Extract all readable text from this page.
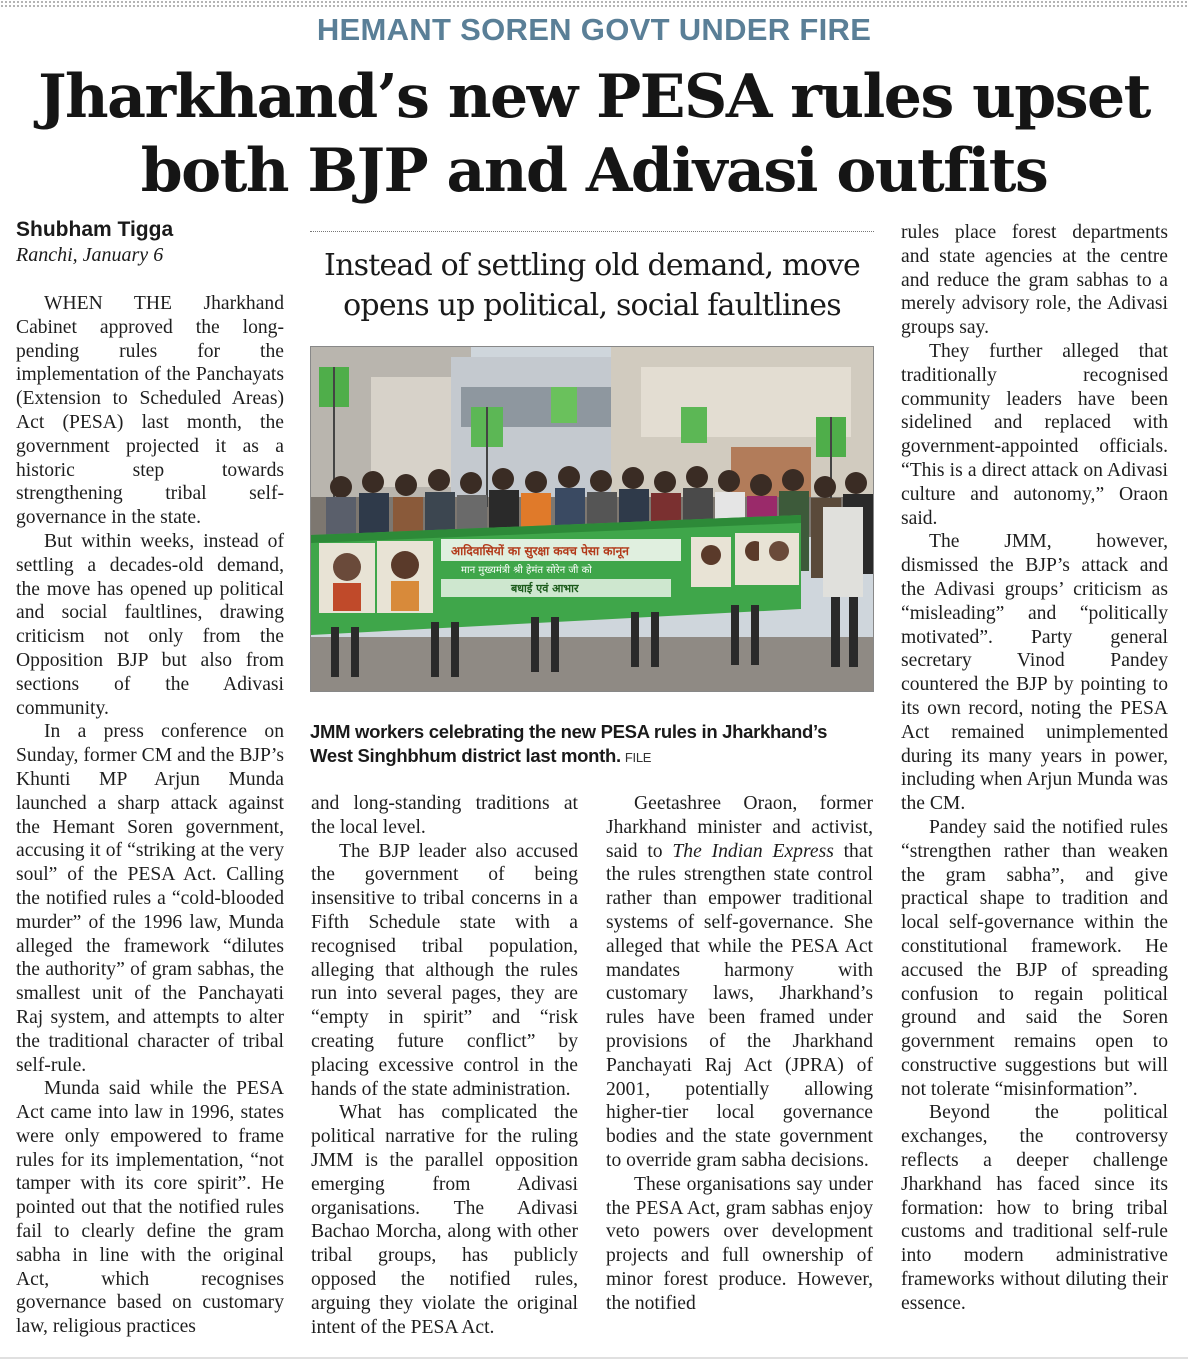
HEMANT SOREN GOVT UNDER FIRE
Jharkhand’s new PESA rules upset
both BJP and Adivasi outfits
Shubham Tigga
Ranchi, January 6

WHEN THE Jharkhand Cabinet approved the long-pending rules for the implementation of the Panchayats (Extension to Scheduled Areas) Act (PESA) last month, the government projected it as a historic step towards strengthening tribal self-governance in the state.

But within weeks, instead of settling a decades-old demand, the move has opened up political and social faultlines, drawing criticism not only from the Opposition BJP but also from sections of the Adivasi community.

In a press conference on Sunday, former CM and the BJP’s Khunti MP Arjun Munda launched a sharp attack against the Hemant Soren government, accusing it of “striking at the very soul” of the PESA Act. Calling the notified rules a “cold-blooded murder” of the 1996 law, Munda alleged the framework “dilutes the authority” of gram sabhas, the smallest unit of the Panchayati Raj system, and attempts to alter the traditional character of tribal self-rule.

Munda said while the PESA Act came into law in 1996, states were only empowered to frame rules for its implementation, “not tamper with its core spirit”. He pointed out that the notified rules fail to clearly define the gram sabha in line with the original Act, which recognises governance based on customary law, religious practices

Instead of settling old demand, move
opens up political, social faultlines
आदिवासियों का सुरक्षा कवच पेसा कानून
मान मुख्यमंत्री श्री हेमंत सोरेन जी को
बधाई एवं आभार
JMM workers celebrating the new PESA rules in Jharkhand’s West Singhbhum district last month. FILE

and long-standing traditions at the local level.

The BJP leader also accused the government of being insensitive to tribal concerns in a Fifth Schedule state with a recognised tribal population, alleging that although the rules run into several pages, they are “empty in spirit” and “risk creating future conflict” by placing excessive control in the hands of the state administration.

What has complicated the political narrative for the ruling JMM is the parallel opposition emerging from Adivasi organisations. The Adivasi Bachao Morcha, along with other tribal groups, has publicly opposed the notified rules, arguing they violate the original intent of the PESA Act.

Geetashree Oraon, former Jharkhand minister and activist, said to The Indian Express that the rules strengthen state control rather than empower traditional systems of self-governance. She alleged that while the PESA Act mandates harmony with customary laws, Jharkhand’s rules have been framed under provisions of the Jharkhand Panchayati Raj Act (JPRA) of 2001, potentially allowing higher-tier local governance bodies and the state government to override gram sabha decisions.

These organisations say under the PESA Act, gram sabhas enjoy veto powers over development projects and full ownership of minor forest produce. However, the notified

rules place forest departments and state agencies at the centre and reduce the gram sabhas to a merely advisory role, the Adivasi groups say.

They further alleged that traditionally recognised community leaders have been sidelined and replaced with government-appointed officials. “This is a direct attack on Adivasi culture and autonomy,” Oraon said.

The JMM, however, dismissed the BJP’s attack and the Adivasi groups’ criticism as “misleading” and “politically motivated”. Party general secretary Vinod Pandey countered the BJP by pointing to its own record, noting the PESA Act remained unimplemented during its many years in power, including when Arjun Munda was the CM.

Pandey said the notified rules “strengthen rather than weaken the gram sabha”, and give practical shape to tradition and local self-governance within the constitutional framework. He accused the BJP of spreading confusion to regain political ground and said the Soren government remains open to constructive suggestions but will not tolerate “misinformation”.

Beyond the political exchanges, the controversy reflects a deeper challenge Jharkhand has faced since its formation: how to bring tribal customs and traditional self-rule into modern administrative frameworks without diluting their essence.
